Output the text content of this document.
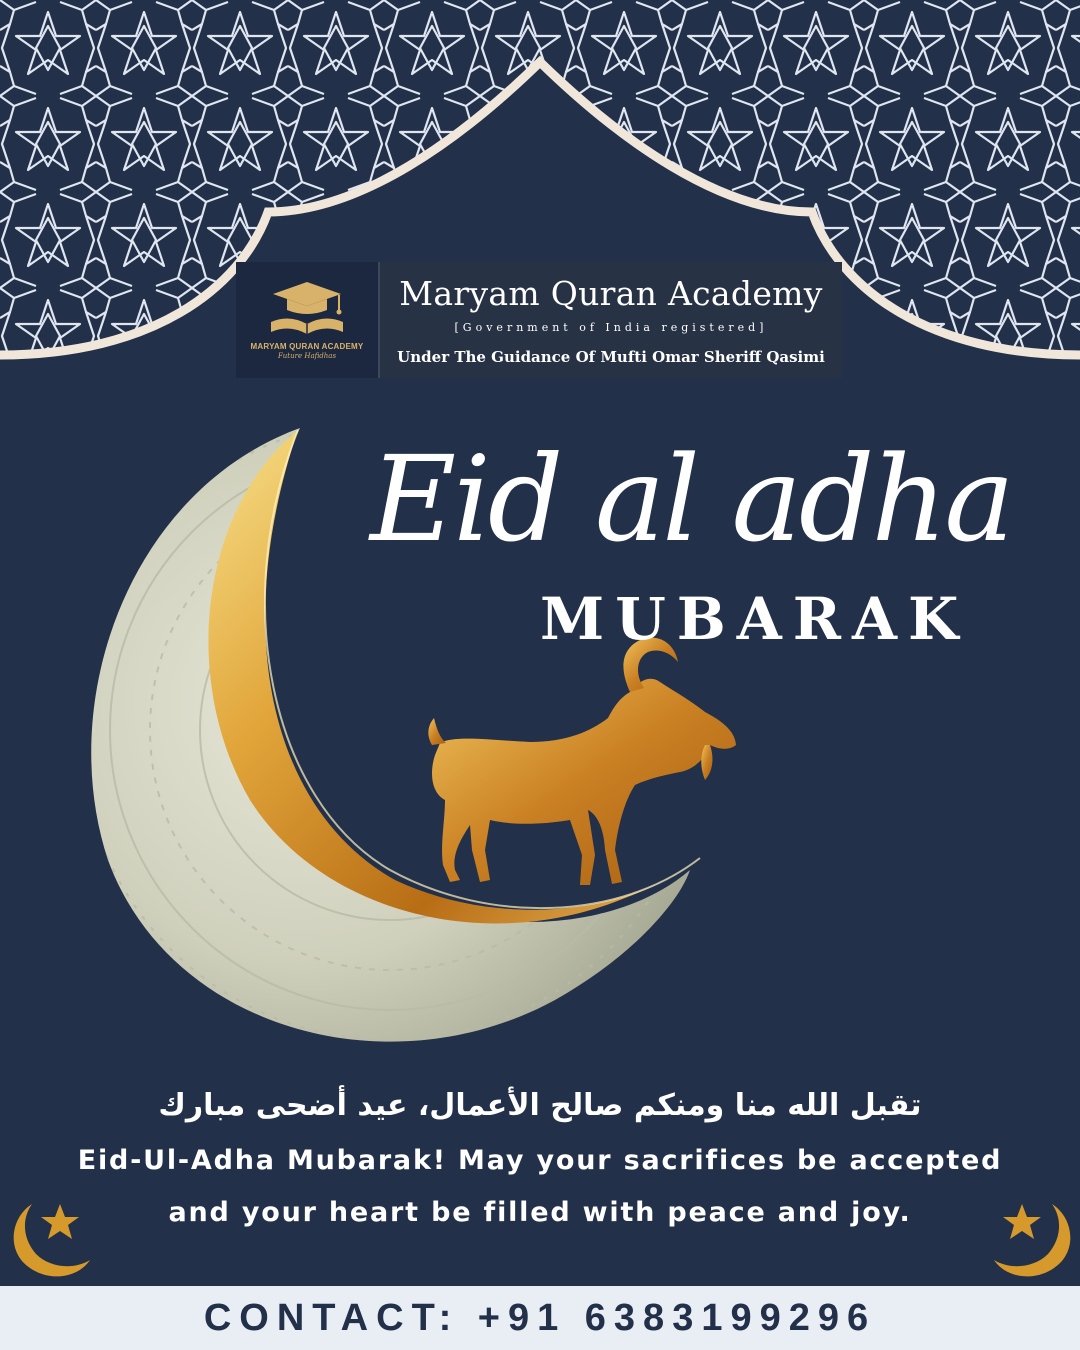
MARYAM QURAN ACADEMY
Future Hafidhas
Maryam Quran Academy
[Government of India registered]
Under The Guidance Of Mufti Omar Sheriff Qasimi
Eid al adha
MUBARAK
تقبل الله منا ومنكم صالح الأعمال، عيد أضحى مبارك
Eid-Ul-Adha Mubarak! May your sacrifices be accepted
and your heart be filled with peace and joy.
CONTACT: +91 6383199296
